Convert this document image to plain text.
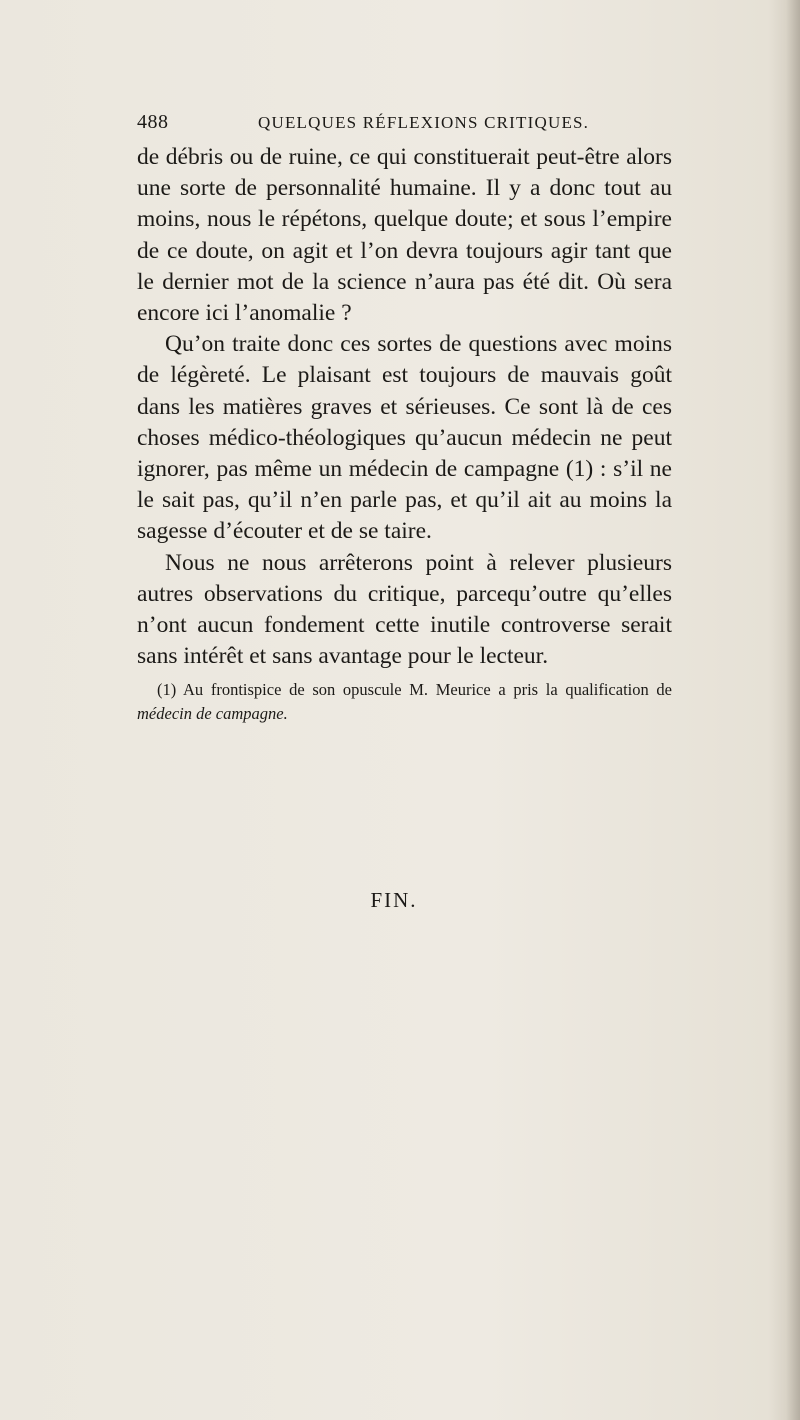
488	QUELQUES RÉFLEXIONS CRITIQUES.

de débris ou de ruine, ce qui constituerait peut-être alors une sorte de personnalité humaine. Il y a donc tout au moins, nous le répétons, quelque doute; et sous l’empire de ce doute, on agit et l’on devra toujours agir tant que le dernier mot de la science n’aura pas été dit. Où sera encore ici l’anomalie ?

Qu’on traite donc ces sortes de questions avec moins de légèreté. Le plaisant est toujours de mauvais goût dans les matières graves et sérieuses. Ce sont là de ces choses médico-théologiques qu’aucun médecin ne peut ignorer, pas même un médecin de campagne (1) : s’il ne le sait pas, qu’il n’en parle pas, et qu’il ait au moins la sagesse d’écouter et de se taire.

Nous ne nous arrêterons point à relever plusieurs autres observations du critique, parcequ’outre qu’elles n’ont aucun fondement cette inutile controverse serait sans intérêt et sans avantage pour le lecteur.

(1) Au frontispice de son opuscule M. Meurice a pris la qualification de médecin de campagne.

FIN.
